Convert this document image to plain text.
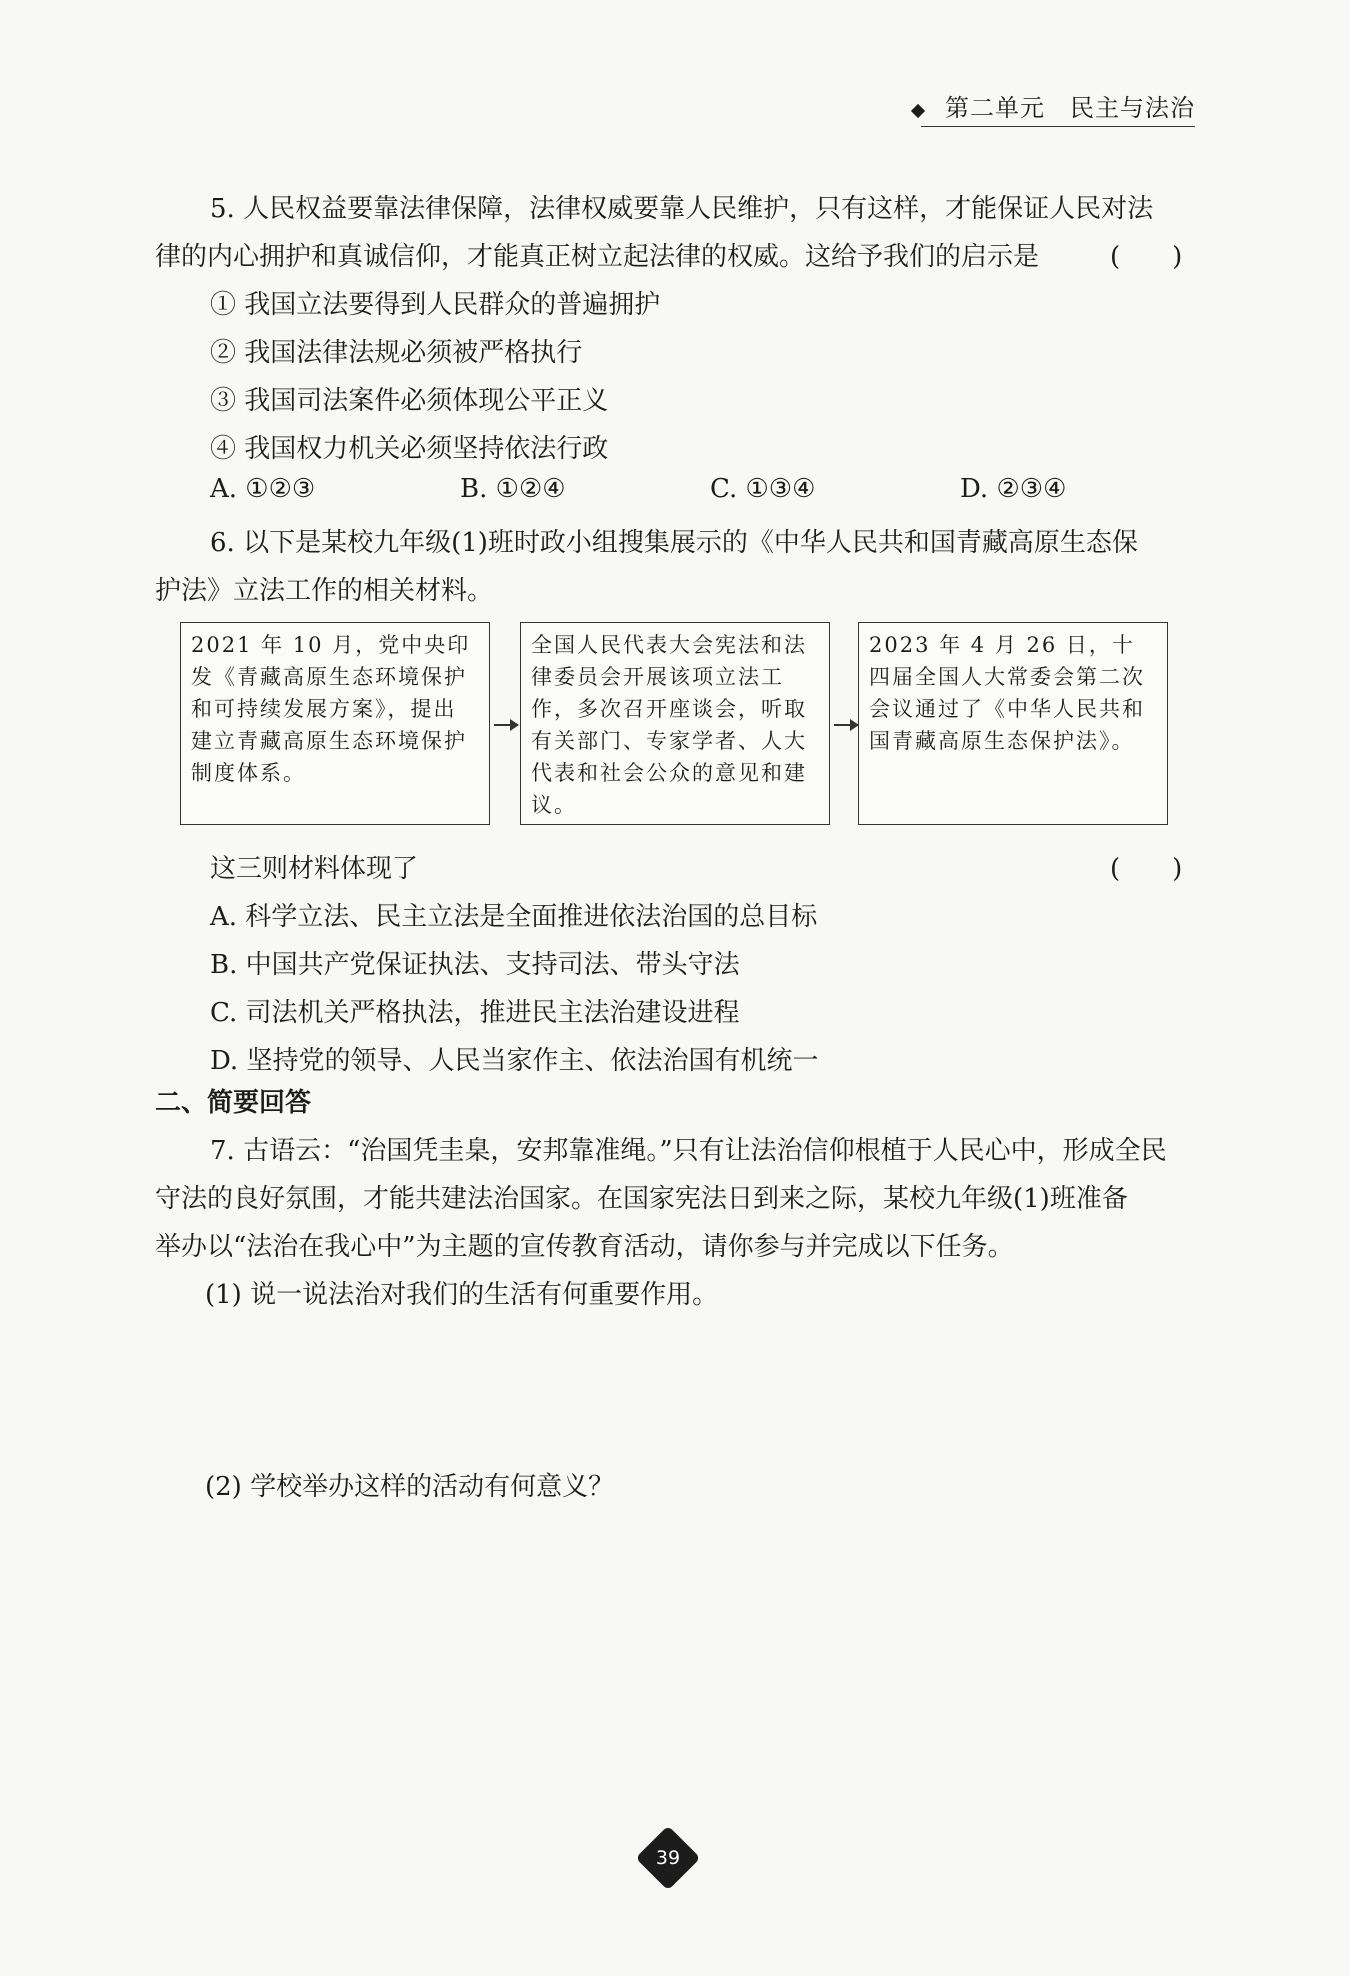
第二单元　民主与法治
5. 人民权益要靠法律保障，法律权威要靠人民维护，只有这样，才能保证人民对法
律的内心拥护和真诚信仰，才能真正树立起法律的权威。这给予我们的启示是	(　　)
① 我国立法要得到人民群众的普遍拥护
② 我国法律法规必须被严格执行
③ 我国司法案件必须体现公平正义
④ 我国权力机关必须坚持依法行政
A. ①②③	B. ①②④	C. ①③④	D. ②③④
6. 以下是某校九年级(1)班时政小组搜集展示的《中华人民共和国青藏高原生态保
护法》立法工作的相关材料。
2021 年 10 月，党中央印发《青藏高原生态环境保护和可持续发展方案》，提出建立青藏高原生态环境保护制度体系。
全国人民代表大会宪法和法律委员会开展该项立法工作，多次召开座谈会，听取有关部门、专家学者、人大代表和社会公众的意见和建议。
2023 年 4 月 26 日，十四届全国人大常委会第二次会议通过了《中华人民共和国青藏高原生态保护法》。
这三则材料体现了	(　　)
A. 科学立法、民主立法是全面推进依法治国的总目标
B. 中国共产党保证执法、支持司法、带头守法
C. 司法机关严格执法，推进民主法治建设进程
D. 坚持党的领导、人民当家作主、依法治国有机统一
二、简要回答
7. 古语云：“治国凭圭臬，安邦靠准绳。”只有让法治信仰根植于人民心中，形成全民
守法的良好氛围，才能共建法治国家。在国家宪法日到来之际，某校九年级(1)班准备
举办以“法治在我心中”为主题的宣传教育活动，请你参与并完成以下任务。
(1) 说一说法治对我们的生活有何重要作用。
(2) 学校举办这样的活动有何意义？
39
